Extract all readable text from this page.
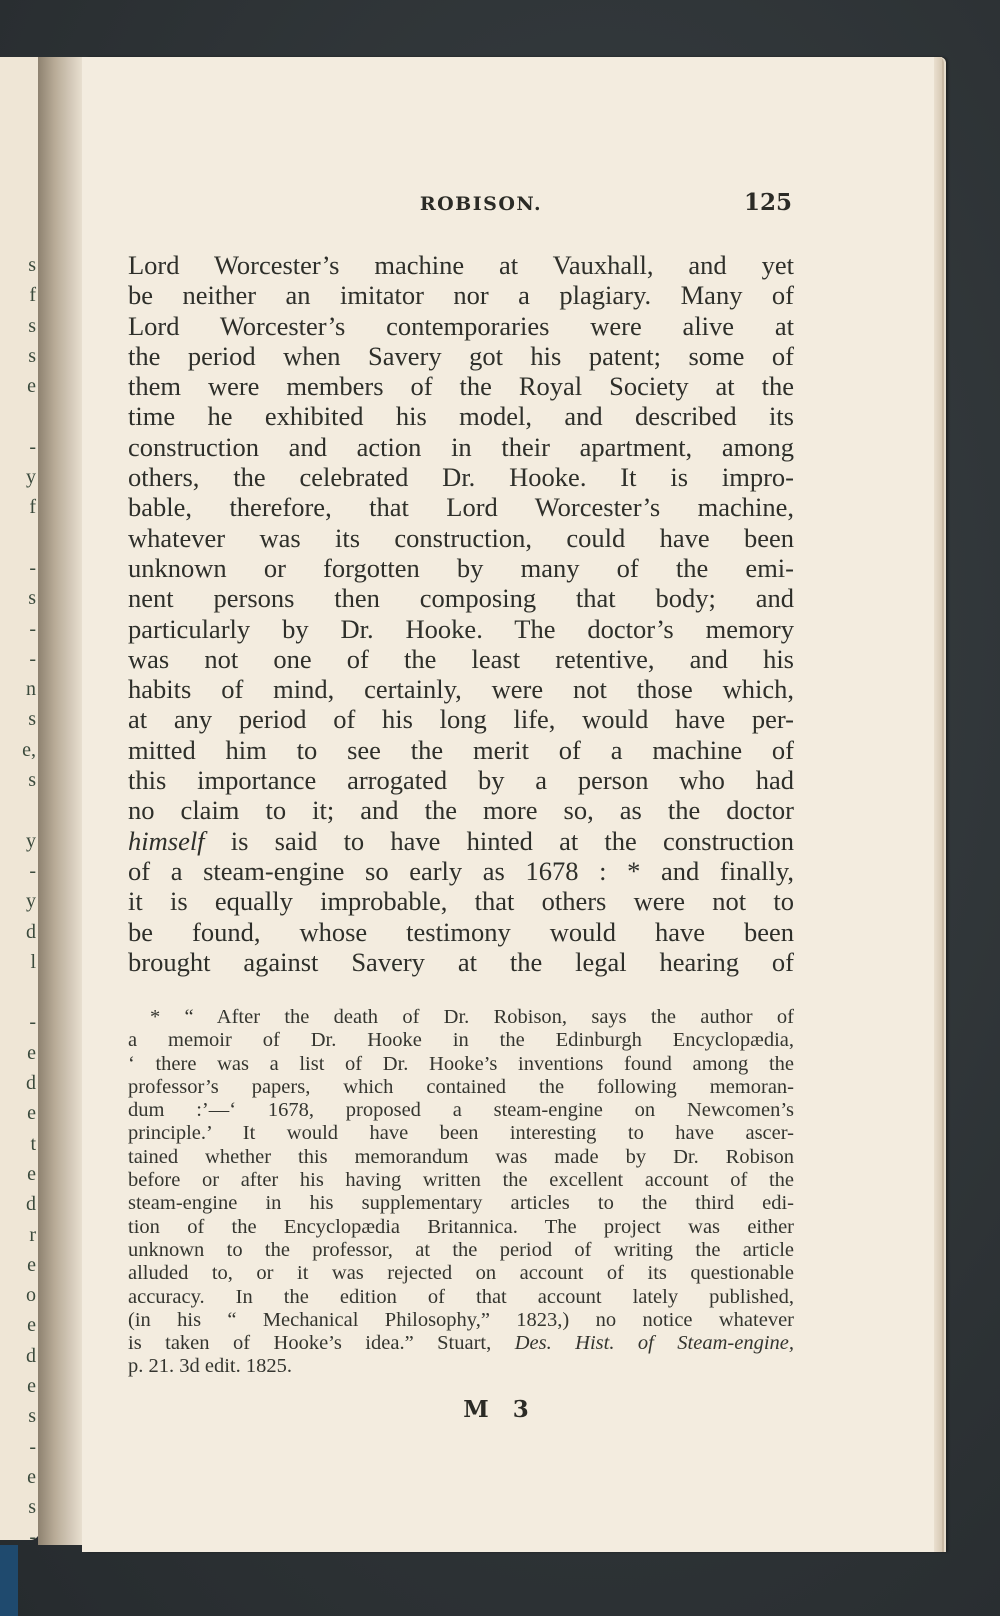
s
f
s
s
e

-
y
f

-
s
-
-
n
s
e,
s

y
-
y
d
l

-
e
d
e
t
e
d
r
e
o
e
d
e
s
-
e
s
-
ROBISON.	125
Lord Worcester’s machine at Vauxhall, and yet
be neither an imitator nor a plagiary. Many of
Lord Worcester’s contemporaries were alive at
the period when Savery got his patent; some of
them were members of the Royal Society at the
time he exhibited his model, and described its
construction and action in their apartment, among
others, the celebrated Dr. Hooke. It is impro-
bable, therefore, that Lord Worcester’s machine,
whatever was its construction, could have been
unknown or forgotten by many of the emi-
nent persons then composing that body; and
particularly by Dr. Hooke. The doctor’s memory
was not one of the least retentive, and his
habits of mind, certainly, were not those which,
at any period of his long life, would have per-
mitted him to see the merit of a machine of
this importance arrogated by a person who had
no claim to it; and the more so, as the doctor
himself is said to have hinted at the construction
of a steam-engine so early as 1678 : * and finally,
it is equally improbable, that others were not to
be found, whose testimony would have been
brought against Savery at the legal hearing of
* “ After the death of Dr. Robison, says the author of
a memoir of Dr. Hooke in the Edinburgh Encyclopædia,
‘ there was a list of Dr. Hooke’s inventions found among the
professor’s papers, which contained the following memoran-
dum :’—‘ 1678, proposed a steam-engine on Newcomen’s
principle.’ It would have been interesting to have ascer-
tained whether this memorandum was made by Dr. Robison
before or after his having written the excellent account of the
steam-engine in his supplementary articles to the third edi-
tion of the Encyclopædia Britannica. The project was either
unknown to the professor, at the period of writing the article
alluded to, or it was rejected on account of its questionable
accuracy. In the edition of that account lately published,
(in his “ Mechanical Philosophy,” 1823,) no notice whatever
is taken of Hooke’s idea.” Stuart, Des. Hist. of Steam-engine,
p. 21. 3d edit. 1825.
M 3
